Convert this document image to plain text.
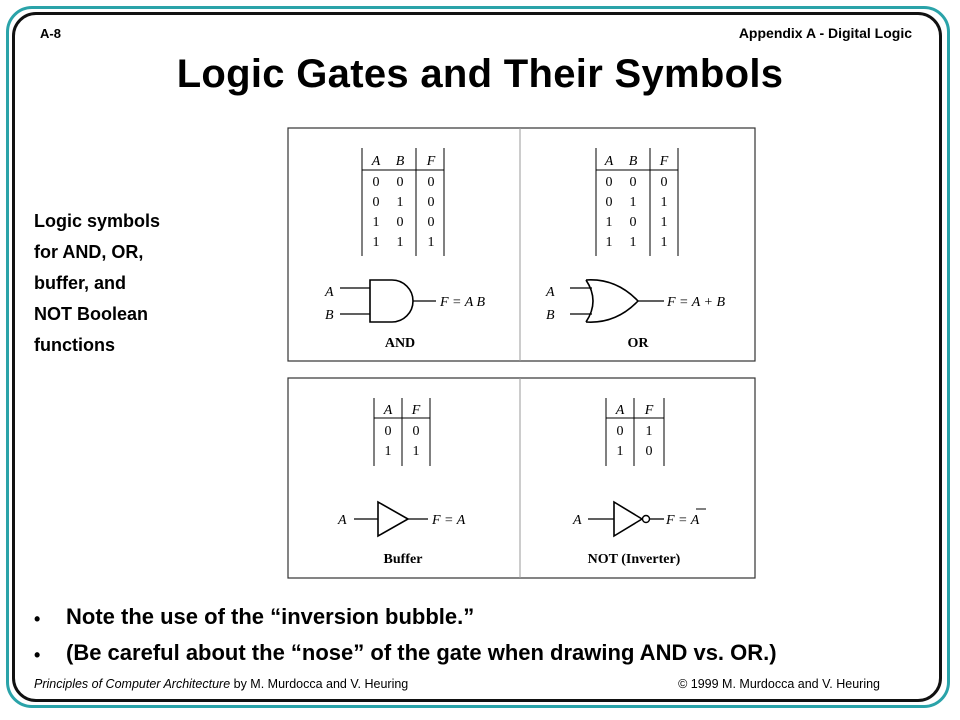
A-8	Appendix A - Digital Logic
Logic Gates and Their Symbols
Logic symbols
for AND, OR,
buffer, and
NOT Boolean
functions
A B F
0 0 0
0 1 0
1 0 0
1 1 1
A
B
F = A B
AND
A B F
0 0 0
0 1 1
1 0 1
1 1 1
A
B
F = A + B
OR
A F
0 0
1 1
A	F = A
Buffer
A F
0 1
1 0
A	F = A
NOT (Inverter)
• Note the use of the “inversion bubble.”
• (Be careful about the “nose” of the gate when drawing AND vs. OR.)
Principles of Computer Architecture by M. Murdocca and V. Heuring	© 1999 M. Murdocca and V. Heuring
